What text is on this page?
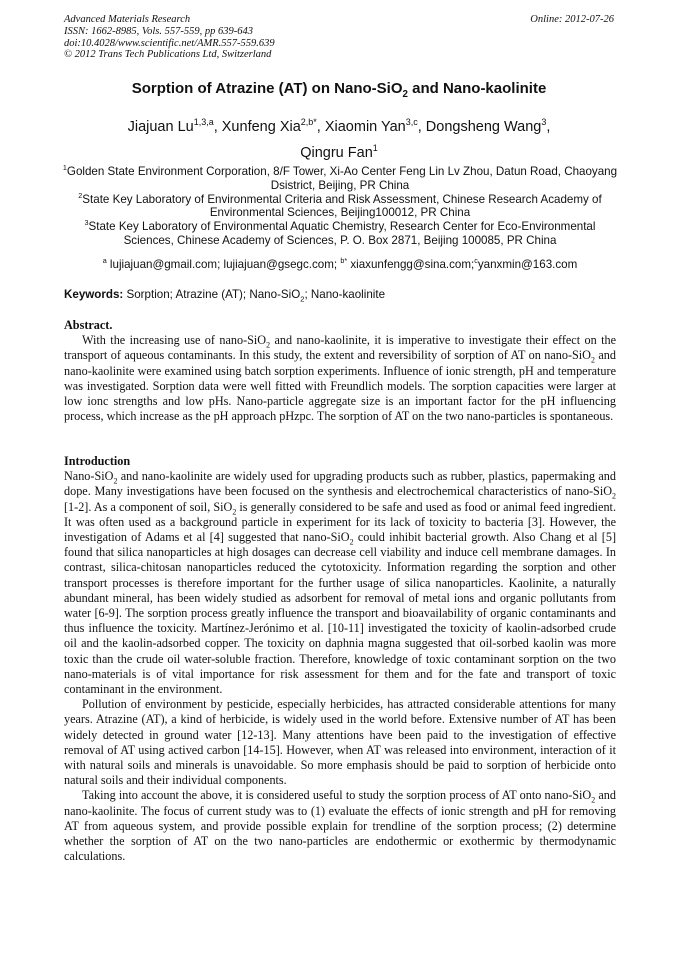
Advanced Materials Research
ISSN: 1662-8985, Vols. 557-559, pp 639-643
doi:10.4028/www.scientific.net/AMR.557-559.639
© 2012 Trans Tech Publications Ltd, Switzerland
Online: 2012-07-26
Sorption of Atrazine (AT) on Nano-SiO$_2$ and Nano-kaolinite
Jiajuan Lu$^{1,3,a}$, Xunfeng Xia$^{2,b*}$, Xiaomin Yan$^{3,c}$, Dongsheng Wang$^3$,
Qingru Fan$^1$

$^1$Golden State Environment Corporation, 8/F Tower, Xi-Ao Center Feng Lin Lv Zhou, Datun Road, Chaoyang Dsistrict, Beijing, PR China

$^2$State Key Laboratory of Environmental Criteria and Risk Assessment, Chinese Research Academy of Environmental Sciences, Beijing100012, PR China

$^3$State Key Laboratory of Environmental Aquatic Chemistry, Research Center for Eco-Environmental Sciences, Chinese Academy of Sciences, P. O. Box 2871, Beijing 100085, PR China

$^a$ lujiajuan@gmail.com; lujiajuan@gsegc.com; $^{b*}$ xiaxunfengg@sina.com;$^c$yanxmin@163.com
Keywords: Sorption; Atrazine (AT); Nano-SiO$_2$; Nano-kaolinite

Abstract.

With the increasing use of nano-SiO$_2$ and nano-kaolinite, it is imperative to investigate their effect on the transport of aqueous contaminants. In this study, the extent and reversibility of sorption of AT on nano-SiO$_2$ and nano-kaolinite were examined using batch sorption experiments. Influence of ionic strength, pH and temperature was investigated. Sorption data were well fitted with Freundlich models. The sorption capacities were larger at low ionc strengths and low pHs. Nano-particle aggregate size is an important factor for the pH influencing process, which increase as the pH approach pHzpc. The sorption of AT on the two nano-particles is spontaneous.

Introduction

Nano-SiO$_2$ and nano-kaolinite are widely used for upgrading products such as rubber, plastics, papermaking and dope. Many investigations have been focused on the synthesis and electrochemical characteristics of nano-SiO$_2$ [1-2]. As a component of soil, SiO$_2$ is generally considered to be safe and used as food or animal feed ingredient. It was often used as a background particle in experiment for its lack of toxicity to bacteria [3]. However, the investigation of Adams et al [4] suggested that nano-SiO$_2$ could inhibit bacterial growth. Also Chang et al [5] found that silica nanoparticles at high dosages can decrease cell viability and induce cell membrane damages. In contrast, silica-chitosan nanoparticles reduced the cytotoxicity. Information regarding the sorption and other transport processes is therefore important for the further usage of silica nanoparticles. Kaolinite, a naturally abundant mineral, has been widely studied as adsorbent for removal of metal ions and organic pollutants from water [6-9]. The sorption process greatly influence the transport and bioavailability of organic contaminants and thus influence the toxicity. Martínez-Jerónimo et al. [10-11] investigated the toxicity of kaolin-adsorbed crude oil and the kaolin-adsorbed copper. The toxicity on daphnia magna suggested that oil-sorbed kaolin was more toxic than the crude oil water-soluble fraction. Therefore, knowledge of toxic contaminant sorption on the two nano-materials is of vital importance for risk assessment for them and for the fate and transport of toxic contaminant in the environment.

Pollution of environment by pesticide, especially herbicides, has attracted considerable attentions for many years. Atrazine (AT), a kind of herbicide, is widely used in the world before. Extensive number of AT has been widely detected in ground water [12-13]. Many attentions have been paid to the investigation of effective removal of AT using actived carbon [14-15]. However, when AT was released into environment, interaction of it with natural soils and minerals is unavoidable. So more emphasis should be paid to sorption of herbicide onto natural soils and their individual components.

Taking into account the above, it is considered useful to study the sorption process of AT onto nano-SiO$_2$ and nano-kaolinite. The focus of current study was to (1) evaluate the effects of ionic strength and pH for removing AT from aqueous system, and provide possible explain for trendline of the sorption process; (2) determine whether the sorption of AT on the two nano-particles are endothermic or exothermic by thermodynamic calculations.
